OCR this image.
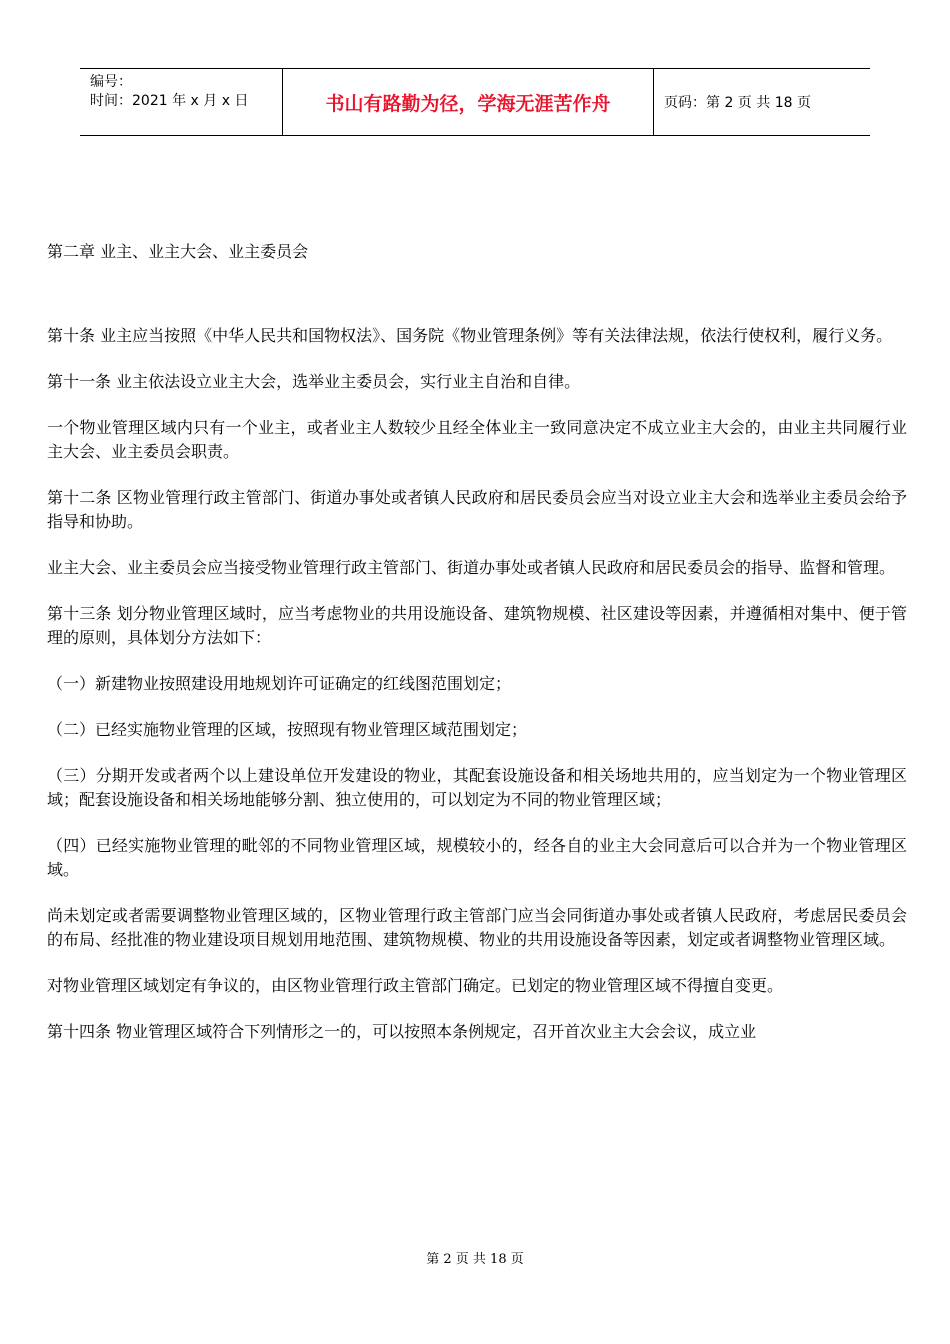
编号：
时间：2021 年 x 月 x 日	书山有路勤为径，学海无涯苦作舟	页码：第 2 页 共 18 页
第二章 业主、业主大会、业主委员会

第十条 业主应当按照《中华人民共和国物权法》、国务院《物业管理条例》等有关法律法规，依法行使权利，履行义务。

第十一条 业主依法设立业主大会，选举业主委员会，实行业主自治和自律。

一个物业管理区域内只有一个业主，或者业主人数较少且经全体业主一致同意决定不成立业主大会的，由业主共同履行业主大会、业主委员会职责。

第十二条 区物业管理行政主管部门、街道办事处或者镇人民政府和居民委员会应当对设立业主大会和选举业主委员会给予指导和协助。

业主大会、业主委员会应当接受物业管理行政主管部门、街道办事处或者镇人民政府和居民委员会的指导、监督和管理。

第十三条 划分物业管理区域时，应当考虑物业的共用设施设备、建筑物规模、社区建设等因素，并遵循相对集中、便于管理的原则，具体划分方法如下：

（一）新建物业按照建设用地规划许可证确定的红线图范围划定；

（二）已经实施物业管理的区域，按照现有物业管理区域范围划定；

（三）分期开发或者两个以上建设单位开发建设的物业，其配套设施设备和相关场地共用的，应当划定为一个物业管理区域；配套设施设备和相关场地能够分割、独立使用的，可以划定为不同的物业管理区域；

（四）已经实施物业管理的毗邻的不同物业管理区域，规模较小的，经各自的业主大会同意后可以合并为一个物业管理区域。

尚未划定或者需要调整物业管理区域的，区物业管理行政主管部门应当会同街道办事处或者镇人民政府，考虑居民委员会的布局、经批准的物业建设项目规划用地范围、建筑物规模、物业的共用设施设备等因素，划定或者调整物业管理区域。

对物业管理区域划定有争议的，由区物业管理行政主管部门确定。已划定的物业管理区域不得擅自变更。

第十四条 物业管理区域符合下列情形之一的，可以按照本条例规定，召开首次业主大会会议，成立业

第 2 页 共 18 页
